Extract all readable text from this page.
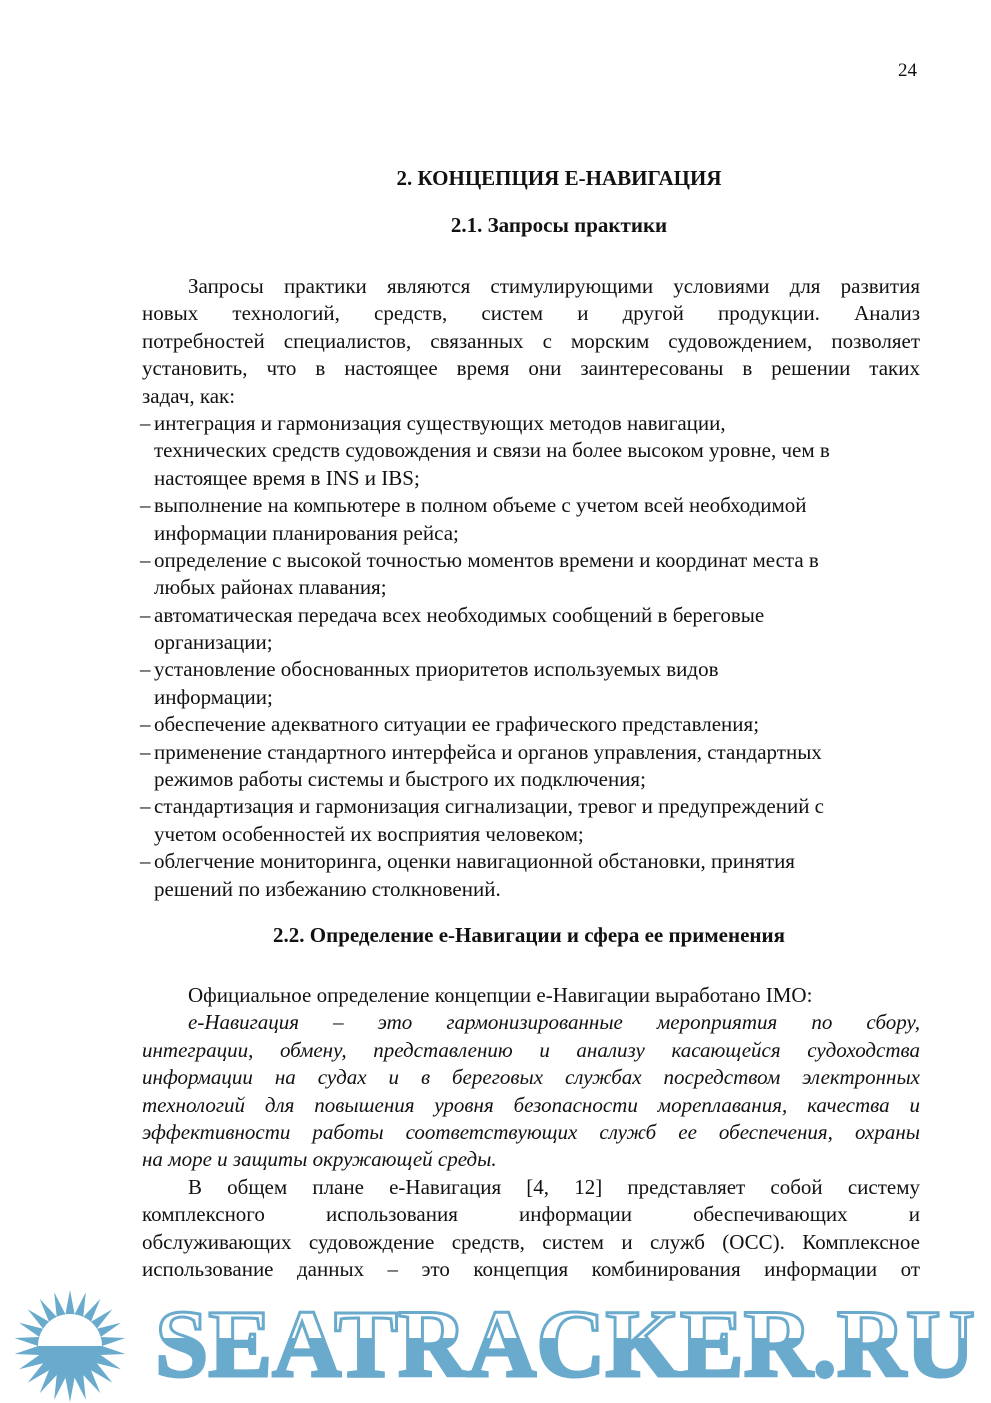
24
2. КОНЦЕПЦИЯ Е-НАВИГАЦИЯ
2.1. Запросы практики
Запросы практики являются стимулирующими условиями для развития
новых технологий, средств, систем и другой продукции. Анализ
потребностей специалистов, связанных с морским судовождением, позволяет
установить, что в настоящее время они заинтересованы в решении таких
задач, как:
– интеграция и гармонизация существующих методов навигации,
технических средств судовождения и связи на более высоком уровне, чем в
настоящее время в INS и IBS;
– выполнение на компьютере в полном объеме с учетом всей необходимой
информации планирования рейса;
– определение с высокой точностью моментов времени и координат места в
любых районах плавания;
– автоматическая передача всех необходимых сообщений в береговые
организации;
– установление обоснованных приоритетов используемых видов
информации;
– обеспечение адекватного ситуации ее графического представления;
– применение стандартного интерфейса и органов управления, стандартных
режимов работы системы и быстрого их подключения;
– стандартизация и гармонизация сигнализации, тревог и предупреждений с
учетом особенностей их восприятия человеком;
– облегчение мониторинга, оценки навигационной обстановки, принятия
решений по избежанию столкновений.
2.2. Определение е-Навигации и сфера ее применения
Официальное определение концепции е-Навигации выработано IMO:
е-Навигация – это гармонизированные мероприятия по сбору,
интеграции, обмену, представлению и анализу касающейся судоходства
информации на судах и в береговых службах посредством электронных
технологий для повышения уровня безопасности мореплавания, качества и
эффективности работы соответствующих служб ее обеспечения, охраны
на море и защиты окружающей среды.
В общем плане е-Навигация [4, 12] представляет собой систему
комплексного использования информации обеспечивающих и
обслуживающих судовождение средств, систем и служб (ОСС). Комплексное
использование данных – это концепция комбинирования информации от
SEATRACKER.RU
